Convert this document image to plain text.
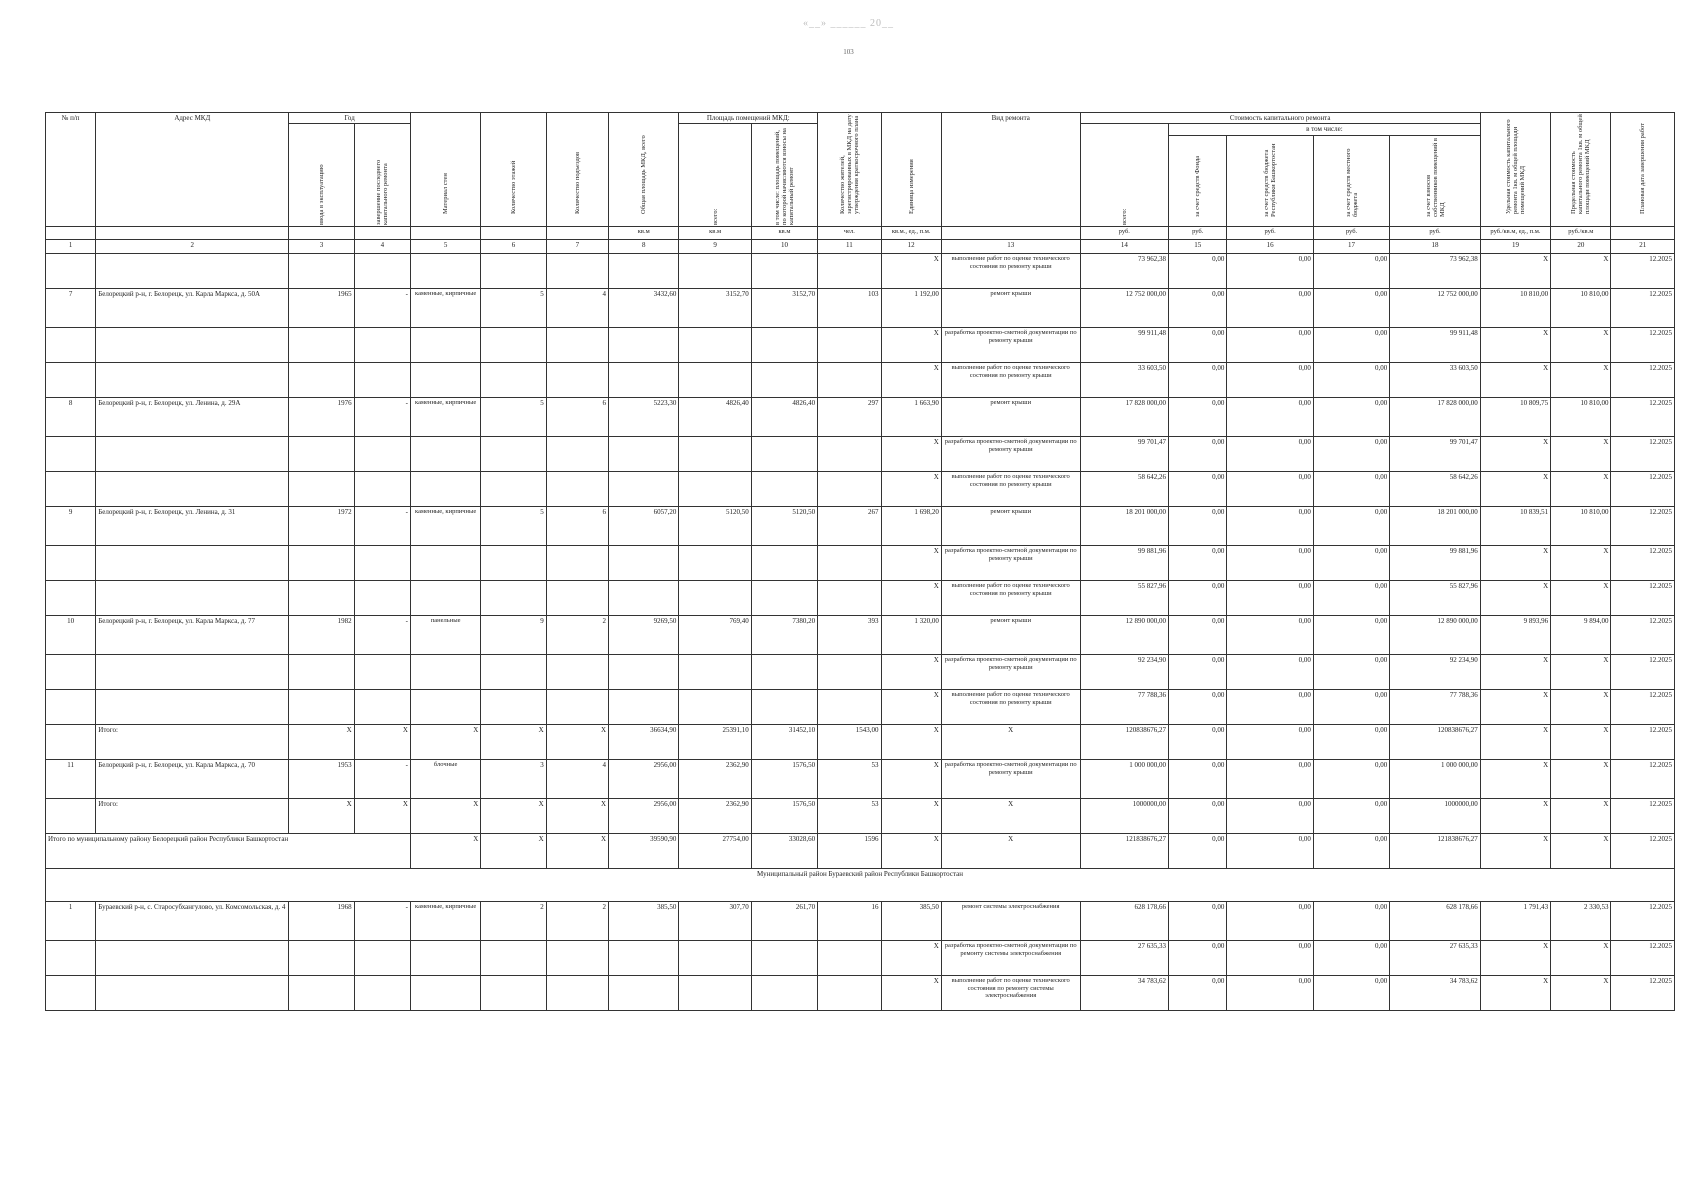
«__» ______ 20__
103
№ п/п	Адрес МКД	Год		Материал стен	Количество этажей	Количество подъездов	Общая площадь МКД, всего	Площадь помещений МКД:		Количество жителей, зарегистрированных в МКД на дату утверждения краткосрочного плана	Единица измерения	Вид ремонта	Стоимость капитального ремонта					Удельная стоимость капитального ремонта 1кв. м общей площади помещений МКД	Предельная стоимость капитального ремонта 1кв. м общей площади помещений МКД	Плановая дата завершения работ

		ввода в эксплуатацию	завершение последнего капитального ремонта					всего:	в том числе: площадь помещений, по которой начисляются взносы на капитальный ремонт				всего:	в том числе:						

														за счет средств Фонда	за счет средств бюджета Республики Башкортостан	за счет средств местного бюджета	за счет взносов собственников помещений в МКД			

							кв.м	кв.м	кв.м	чел.	кв.м., ед., п.м.		руб.	руб.	руб.	руб.	руб.	руб./кв.м, ед., п.м.	руб./кв.м	
1	2	3	4	5	6	7	8	9	10	11	12	13	14	15	16	17	18	19	20	21
											X	выполнение работ по оценке технического состояния по ремонту крыши	73 962,38	0,00	0,00	0,00	73 962,38	X	X	12.2025
7	Белорецкий р-н, г. Белорецк, ул. Карла Маркса, д. 50А	1965	-	каменные, кирпичные	5	4	3432,60	3152,70	3152,70	103	1 192,00	ремонт крыши	12 752 000,00	0,00	0,00	0,00	12 752 000,00	10 810,00	10 810,00	12.2025
											X	разработка проектно-сметной документации по ремонту крыши	99 911,48	0,00	0,00	0,00	99 911,48	X	X	12.2025
											X	выполнение работ по оценке технического состояния по ремонту крыши	33 603,50	0,00	0,00	0,00	33 603,50	X	X	12.2025
8	Белорецкий р-н, г. Белорецк, ул. Ленина, д. 29А	1976	-	каменные, кирпичные	5	6	5223,30	4826,40	4826,40	297	1 663,90	ремонт крыши	17 828 000,00	0,00	0,00	0,00	17 828 000,00	10 809,75	10 810,00	12.2025
											X	разработка проектно-сметной документации по ремонту крыши	99 701,47	0,00	0,00	0,00	99 701,47	X	X	12.2025
											X	выполнение работ по оценке технического состояния по ремонту крыши	58 642,26	0,00	0,00	0,00	58 642,26	X	X	12.2025
9	Белорецкий р-н, г. Белорецк, ул. Ленина, д. 31	1972	-	каменные, кирпичные	5	6	6057,20	5120,50	5120,50	267	1 698,20	ремонт крыши	18 201 000,00	0,00	0,00	0,00	18 201 000,00	10 839,51	10 810,00	12.2025
											X	разработка проектно-сметной документации по ремонту крыши	99 881,96	0,00	0,00	0,00	99 881,96	X	X	12.2025
											X	выполнение работ по оценке технического состояния по ремонту крыши	55 827,96	0,00	0,00	0,00	55 827,96	X	X	12.2025
10	Белорецкий р-н, г. Белорецк, ул. Карла Маркса, д. 77	1982	-	панельные	9	2	9269,50	769,40	7380,20	393	1 320,00	ремонт крыши	12 890 000,00	0,00	0,00	0,00	12 890 000,00	9 893,96	9 894,00	12.2025
											X	разработка проектно-сметной документации по ремонту крыши	92 234,90	0,00	0,00	0,00	92 234,90	X	X	12.2025
											X	выполнение работ по оценке технического состояния по ремонту крыши	77 788,36	0,00	0,00	0,00	77 788,36	X	X	12.2025
	Итого:	X	X	X	X	X	36634,90	25391,10	31452,10	1543,00	X	X	120838676,27	0,00	0,00	0,00	120838676,27	X	X	12.2025
11	Белорецкий р-н, г. Белорецк, ул. Карла Маркса, д. 70	1953	-	блочные	3	4	2956,00	2362,90	1576,50	53	X	разработка проектно-сметной документации по ремонту крыши	1 000 000,00	0,00	0,00	0,00	1 000 000,00	X	X	12.2025
	Итого:	X	X	X	X	X	2956,00	2362,90	1576,50	53	X	X	1000000,00	0,00	0,00	0,00	1000000,00	X	X	12.2025
Итого по муниципальному району Белорецкий район Республики Башкортостан				X	X	X	39590,90	27754,00	33028,60	1596	X	X	121838676,27	0,00	0,00	0,00	121838676,27	X	X	12.2025
Муниципальный район Бураевский район Республики Башкортостан																				
1	Бураевский р-н, с. Старосубхангулово, ул. Комсомольская, д. 4	1968	-	каменные, кирпичные	2	2	385,50	307,70	261,70	16	385,50	ремонт системы электроснабжения	628 178,66	0,00	0,00	0,00	628 178,66	1 791,43	2 330,53	12.2025
											X	разработка проектно-сметной документации по ремонту системы электроснабжения	27 635,33	0,00	0,00	0,00	27 635,33	X	X	12.2025
											X	выполнение работ по оценке технического состояния по ремонту системы электроснабжения	34 783,62	0,00	0,00	0,00	34 783,62	X	X	12.2025
